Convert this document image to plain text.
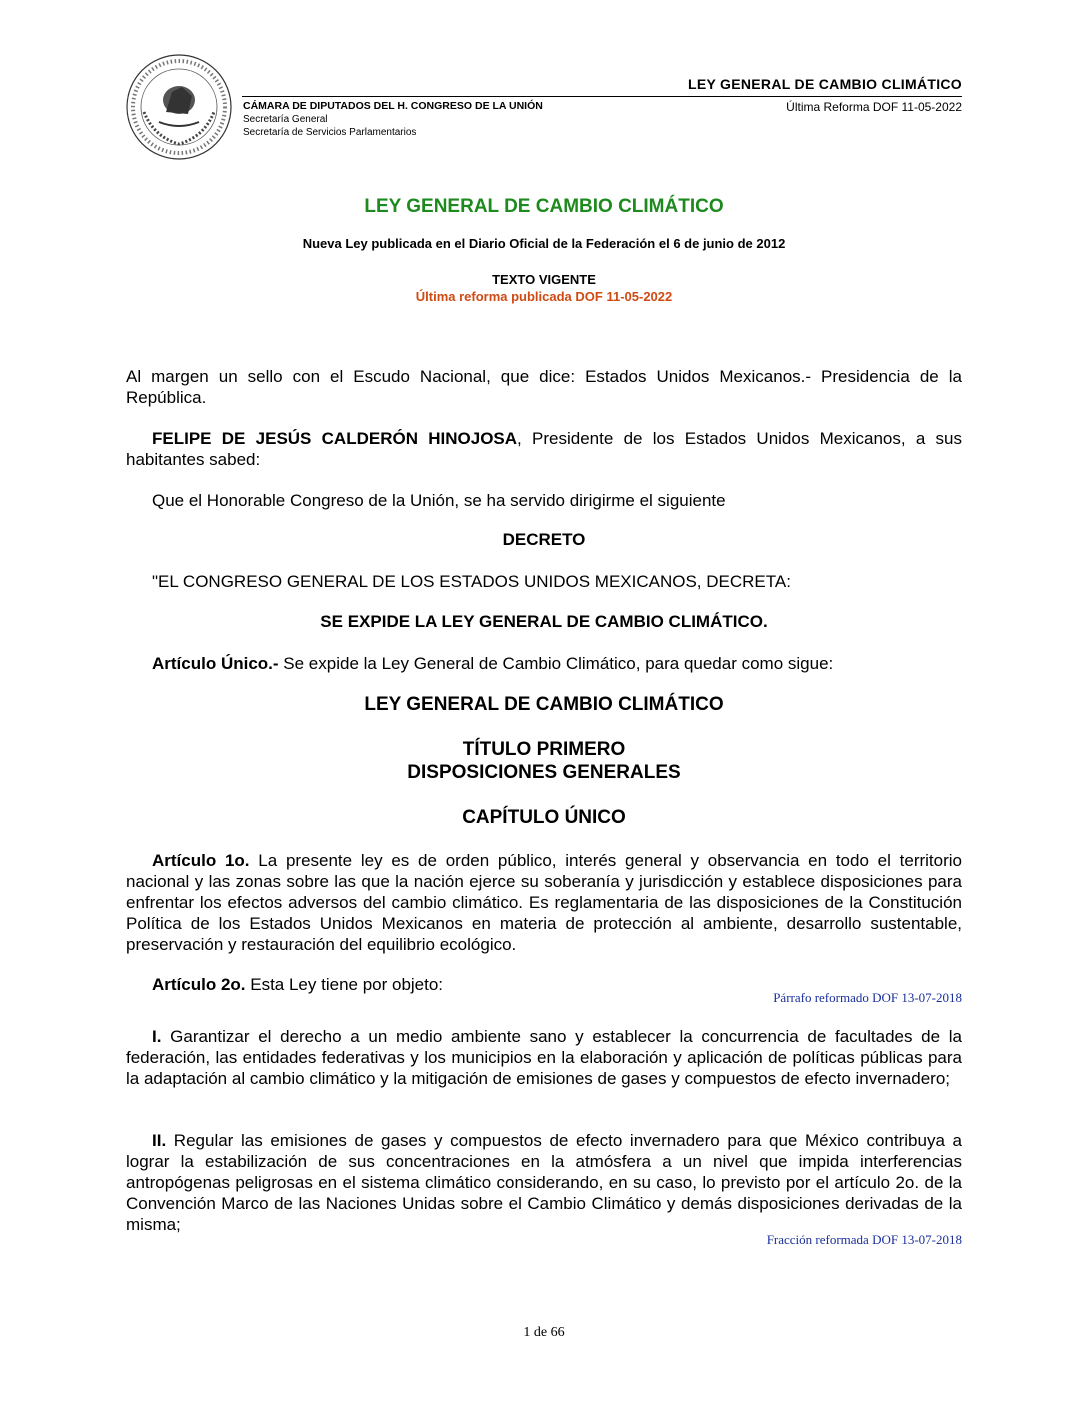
LEY GENERAL DE CAMBIO CLIMÁTICO
CÁMARA DE DIPUTADOS DEL H. CONGRESO DE LA UNIÓN
Secretaría General
Secretaría de Servicios Parlamentarios
Última Reforma DOF 11-05-2022
LEY GENERAL DE CAMBIO CLIMÁTICO
Nueva Ley publicada en el Diario Oficial de la Federación el 6 de junio de 2012
TEXTO VIGENTE
Última reforma publicada DOF 11-05-2022
Al margen un sello con el Escudo Nacional, que dice: Estados Unidos Mexicanos.- Presidencia de la República.
FELIPE DE JESÚS CALDERÓN HINOJOSA, Presidente de los Estados Unidos Mexicanos, a sus habitantes sabed:
Que el Honorable Congreso de la Unión, se ha servido dirigirme el siguiente
DECRETO
"EL CONGRESO GENERAL DE LOS ESTADOS UNIDOS MEXICANOS, DECRETA:
SE EXPIDE LA LEY GENERAL DE CAMBIO CLIMÁTICO.
Artículo Único.- Se expide la Ley General de Cambio Climático, para quedar como sigue:
LEY GENERAL DE CAMBIO CLIMÁTICO
TÍTULO PRIMERO
DISPOSICIONES GENERALES
CAPÍTULO ÚNICO
Artículo 1o. La presente ley es de orden público, interés general y observancia en todo el territorio nacional y las zonas sobre las que la nación ejerce su soberanía y jurisdicción y establece disposiciones para enfrentar los efectos adversos del cambio climático. Es reglamentaria de las disposiciones de la Constitución Política de los Estados Unidos Mexicanos en materia de protección al ambiente, desarrollo sustentable, preservación y restauración del equilibrio ecológico.
Artículo 2o. Esta Ley tiene por objeto:
Párrafo reformado DOF 13-07-2018
I. Garantizar el derecho a un medio ambiente sano y establecer la concurrencia de facultades de la federación, las entidades federativas y los municipios en la elaboración y aplicación de políticas públicas para la adaptación al cambio climático y la mitigación de emisiones de gases y compuestos de efecto invernadero;
II. Regular las emisiones de gases y compuestos de efecto invernadero para que México contribuya a lograr la estabilización de sus concentraciones en la atmósfera a un nivel que impida interferencias antropógenas peligrosas en el sistema climático considerando, en su caso, lo previsto por el artículo 2o. de la Convención Marco de las Naciones Unidas sobre el Cambio Climático y demás disposiciones derivadas de la misma;
Fracción reformada DOF 13-07-2018
1 de 66
